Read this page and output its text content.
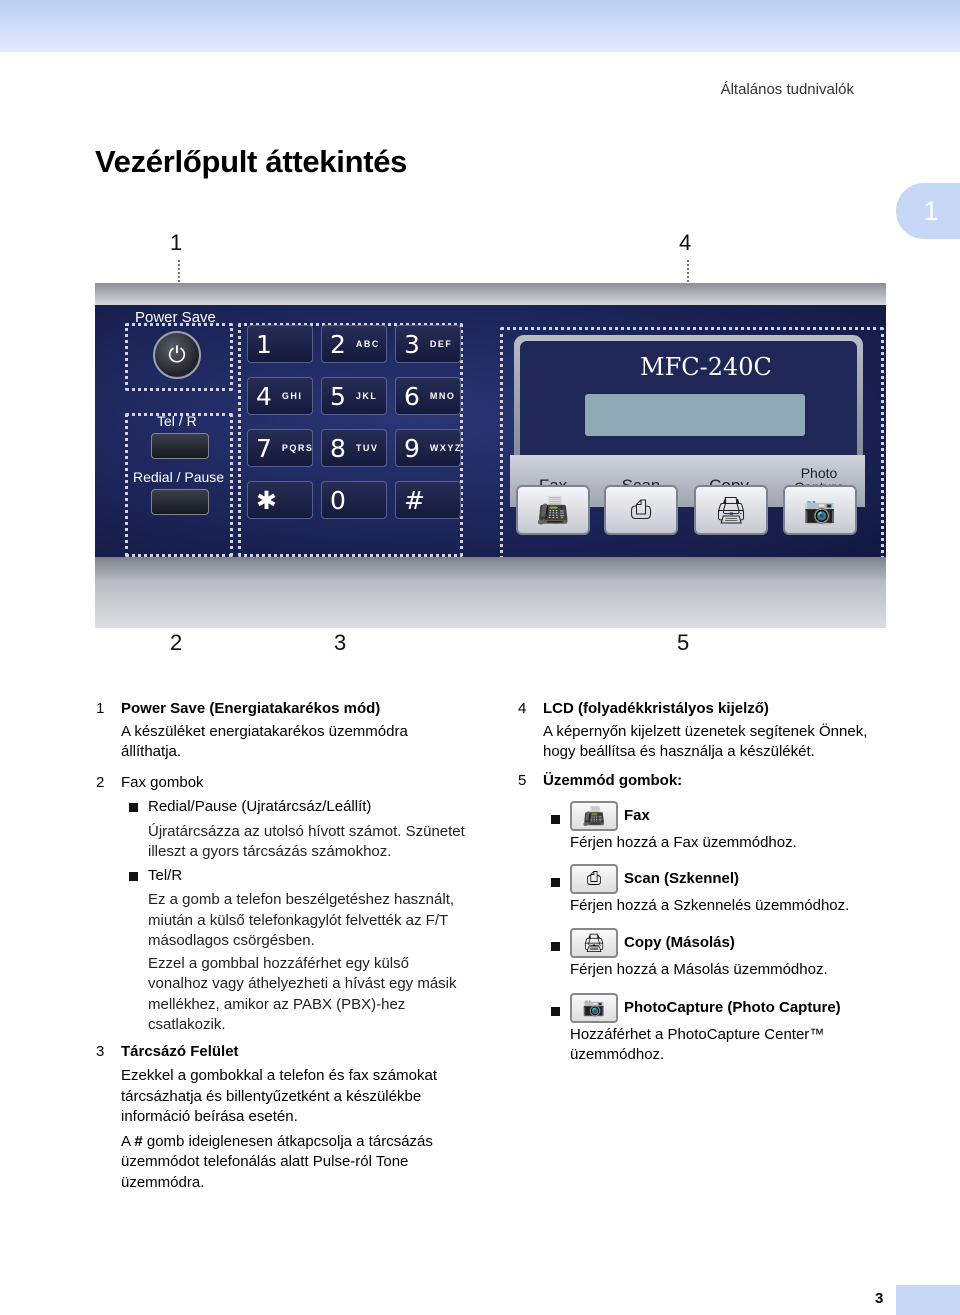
Általános tudnivalók
Vezérlőpult áttekintés
1
1	4
2	3	5
Power Save
⏻
Tel / R
Redial / Pause
1 2 ABC 3 DEF
4 GHI 5 JKL 6 MNO
7 PQRS 8 TUV 9 WXYZ
✱ 0 #
MFC-240C
Photo
📠 ⎙ 🖨 📷
1 Power Save (Energiatakarékos mód)
A készüléket energiatakarékos üzemmódra állíthatja.
2 Fax gombok
Redial/Pause (Ujratárcsáz/Leállít)
Újratárcsázza az utolsó hívott számot. Szünetet illeszt a gyors tárcsázás számokhoz.
Tel/R
Ez a gomb a telefon beszélgetéshez használt, miután a külső telefonkagylót felvették az F/T másodlagos csörgésben.
Ezzel a gombbal hozzáférhet egy külső vonalhoz vagy áthelyezheti a hívást egy másik mellékhez, amikor az PABX (PBX)-hez csatlakozik.
3 Tárcsázó Felület
Ezekkel a gombokkal a telefon és fax számokat tárcsázhatja és billentyűzetként a készülékbe információ beírása esetén.
A # gomb ideiglenesen átkapcsolja a tárcsázás üzemmódot telefonálás alatt Pulse-ról Tone üzemmódra.
4 LCD (folyadékkristályos kijelző)
A képernyőn kijelzett üzenetek segítenek Önnek, hogy beállítsa és használja a készülékét.
5 Üzemmód gombok:
📠 Fax
Férjen hozzá a Fax üzemmódhoz.
⎙ Scan (Szkennel)
Férjen hozzá a Szkennelés üzemmódhoz.
🖨 Copy (Másolás)
Férjen hozzá a Másolás üzemmódhoz.
📷 PhotoCapture (Photo Capture)
Hozzáférhet a PhotoCapture Center™ üzemmódhoz.
3
